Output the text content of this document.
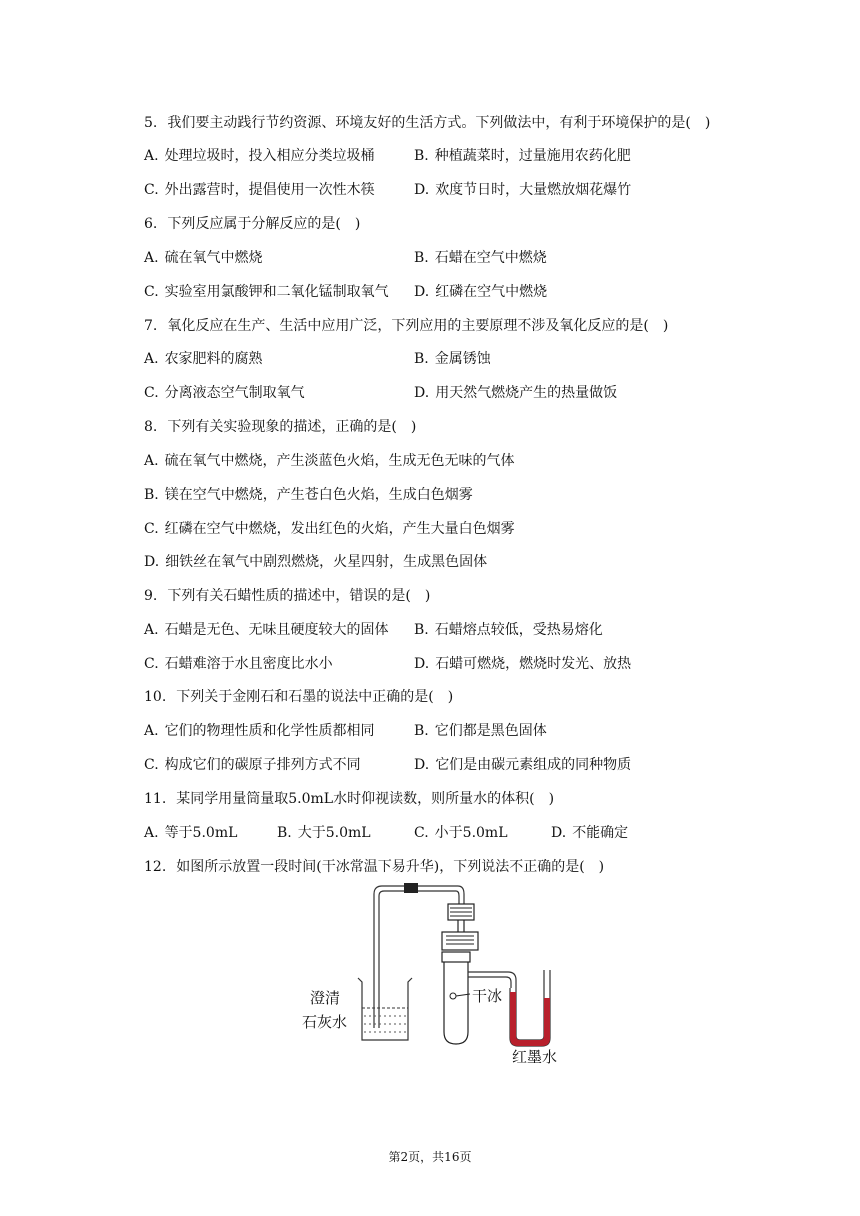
5. 我们要主动践行节约资源、环境友好的生活方式。下列做法中，有利于环境保护的是(　)
A. 处理垃圾时，投入相应分类垃圾桶	B. 种植蔬菜时，过量施用农药化肥
C. 外出露营时，提倡使用一次性木筷	D. 欢度节日时，大量燃放烟花爆竹
6. 下列反应属于分解反应的是(　)
A. 硫在氧气中燃烧	B. 石蜡在空气中燃烧
C. 实验室用氯酸钾和二氧化锰制取氧气 D. 红磷在空气中燃烧
7. 氧化反应在生产、生活中应用广泛，下列应用的主要原理不涉及氧化反应的是(　)
A. 农家肥料的腐熟	B. 金属锈蚀
C. 分离液态空气制取氧气	D. 用天然气燃烧产生的热量做饭
8. 下列有关实验现象的描述，正确的是(　)
A. 硫在氧气中燃烧，产生淡蓝色火焰，生成无色无味的气体
B. 镁在空气中燃烧，产生苍白色火焰，生成白色烟雾
C. 红磷在空气中燃烧，发出红色的火焰，产生大量白色烟雾
D. 细铁丝在氧气中剧烈燃烧，火星四射，生成黑色固体
9. 下列有关石蜡性质的描述中，错误的是(　)
A. 石蜡是无色、无味且硬度较大的固体 B. 石蜡熔点较低，受热易熔化
C. 石蜡难溶于水且密度比水小	D. 石蜡可燃烧，燃烧时发光、放热
10. 下列关于金刚石和石墨的说法中正确的是(　)
A. 它们的物理性质和化学性质都相同	B. 它们都是黑色固体
C. 构成它们的碳原子排列方式不同	D. 它们是由碳元素组成的同种物质
11. 某同学用量筒量取5.0mL水时仰视读数，则所量水的体积(　)
A. 等于5.0mL	B. 大于5.0mL	C. 小于5.0mL	D. 不能确定
12. 如图所示放置一段时间(干冰常温下易升华)，下列说法不正确的是(　)
澄清
石灰水
干冰
红墨水
第2页，共16页
